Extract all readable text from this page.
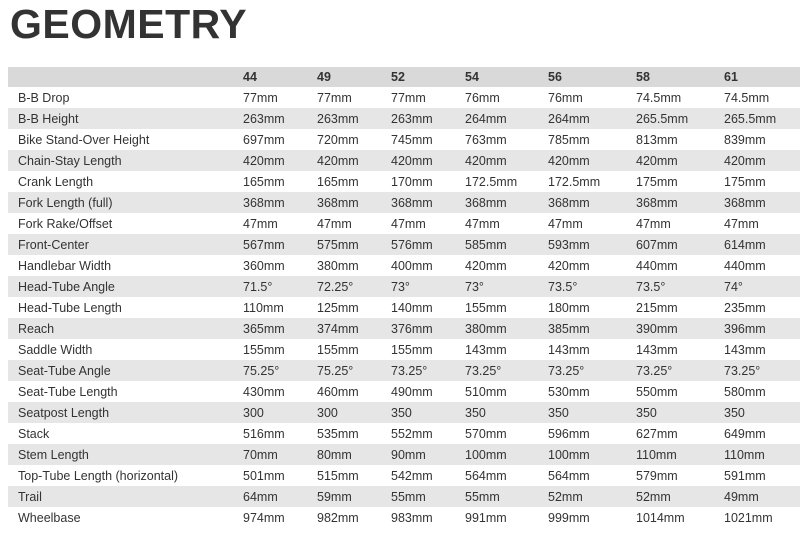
GEOMETRY
	44	49	52	54	56	58	61
B-B Drop	77mm	77mm	77mm	76mm	76mm	74.5mm	74.5mm
B-B Height	263mm	263mm	263mm	264mm	264mm	265.5mm	265.5mm
Bike Stand-Over Height	697mm	720mm	745mm	763mm	785mm	813mm	839mm
Chain-Stay Length	420mm	420mm	420mm	420mm	420mm	420mm	420mm
Crank Length	165mm	165mm	170mm	172.5mm	172.5mm	175mm	175mm
Fork Length (full)	368mm	368mm	368mm	368mm	368mm	368mm	368mm
Fork Rake/Offset	47mm	47mm	47mm	47mm	47mm	47mm	47mm
Front-Center	567mm	575mm	576mm	585mm	593mm	607mm	614mm
Handlebar Width	360mm	380mm	400mm	420mm	420mm	440mm	440mm
Head-Tube Angle	71.5°	72.25°	73°	73°	73.5°	73.5°	74°
Head-Tube Length	110mm	125mm	140mm	155mm	180mm	215mm	235mm
Reach	365mm	374mm	376mm	380mm	385mm	390mm	396mm
Saddle Width	155mm	155mm	155mm	143mm	143mm	143mm	143mm
Seat-Tube Angle	75.25°	75.25°	73.25°	73.25°	73.25°	73.25°	73.25°
Seat-Tube Length	430mm	460mm	490mm	510mm	530mm	550mm	580mm
Seatpost Length	300	300	350	350	350	350	350
Stack	516mm	535mm	552mm	570mm	596mm	627mm	649mm
Stem Length	70mm	80mm	90mm	100mm	100mm	110mm	110mm
Top-Tube Length (horizontal)	501mm	515mm	542mm	564mm	564mm	579mm	591mm
Trail	64mm	59mm	55mm	55mm	52mm	52mm	49mm
Wheelbase	974mm	982mm	983mm	991mm	999mm	1014mm	1021mm
